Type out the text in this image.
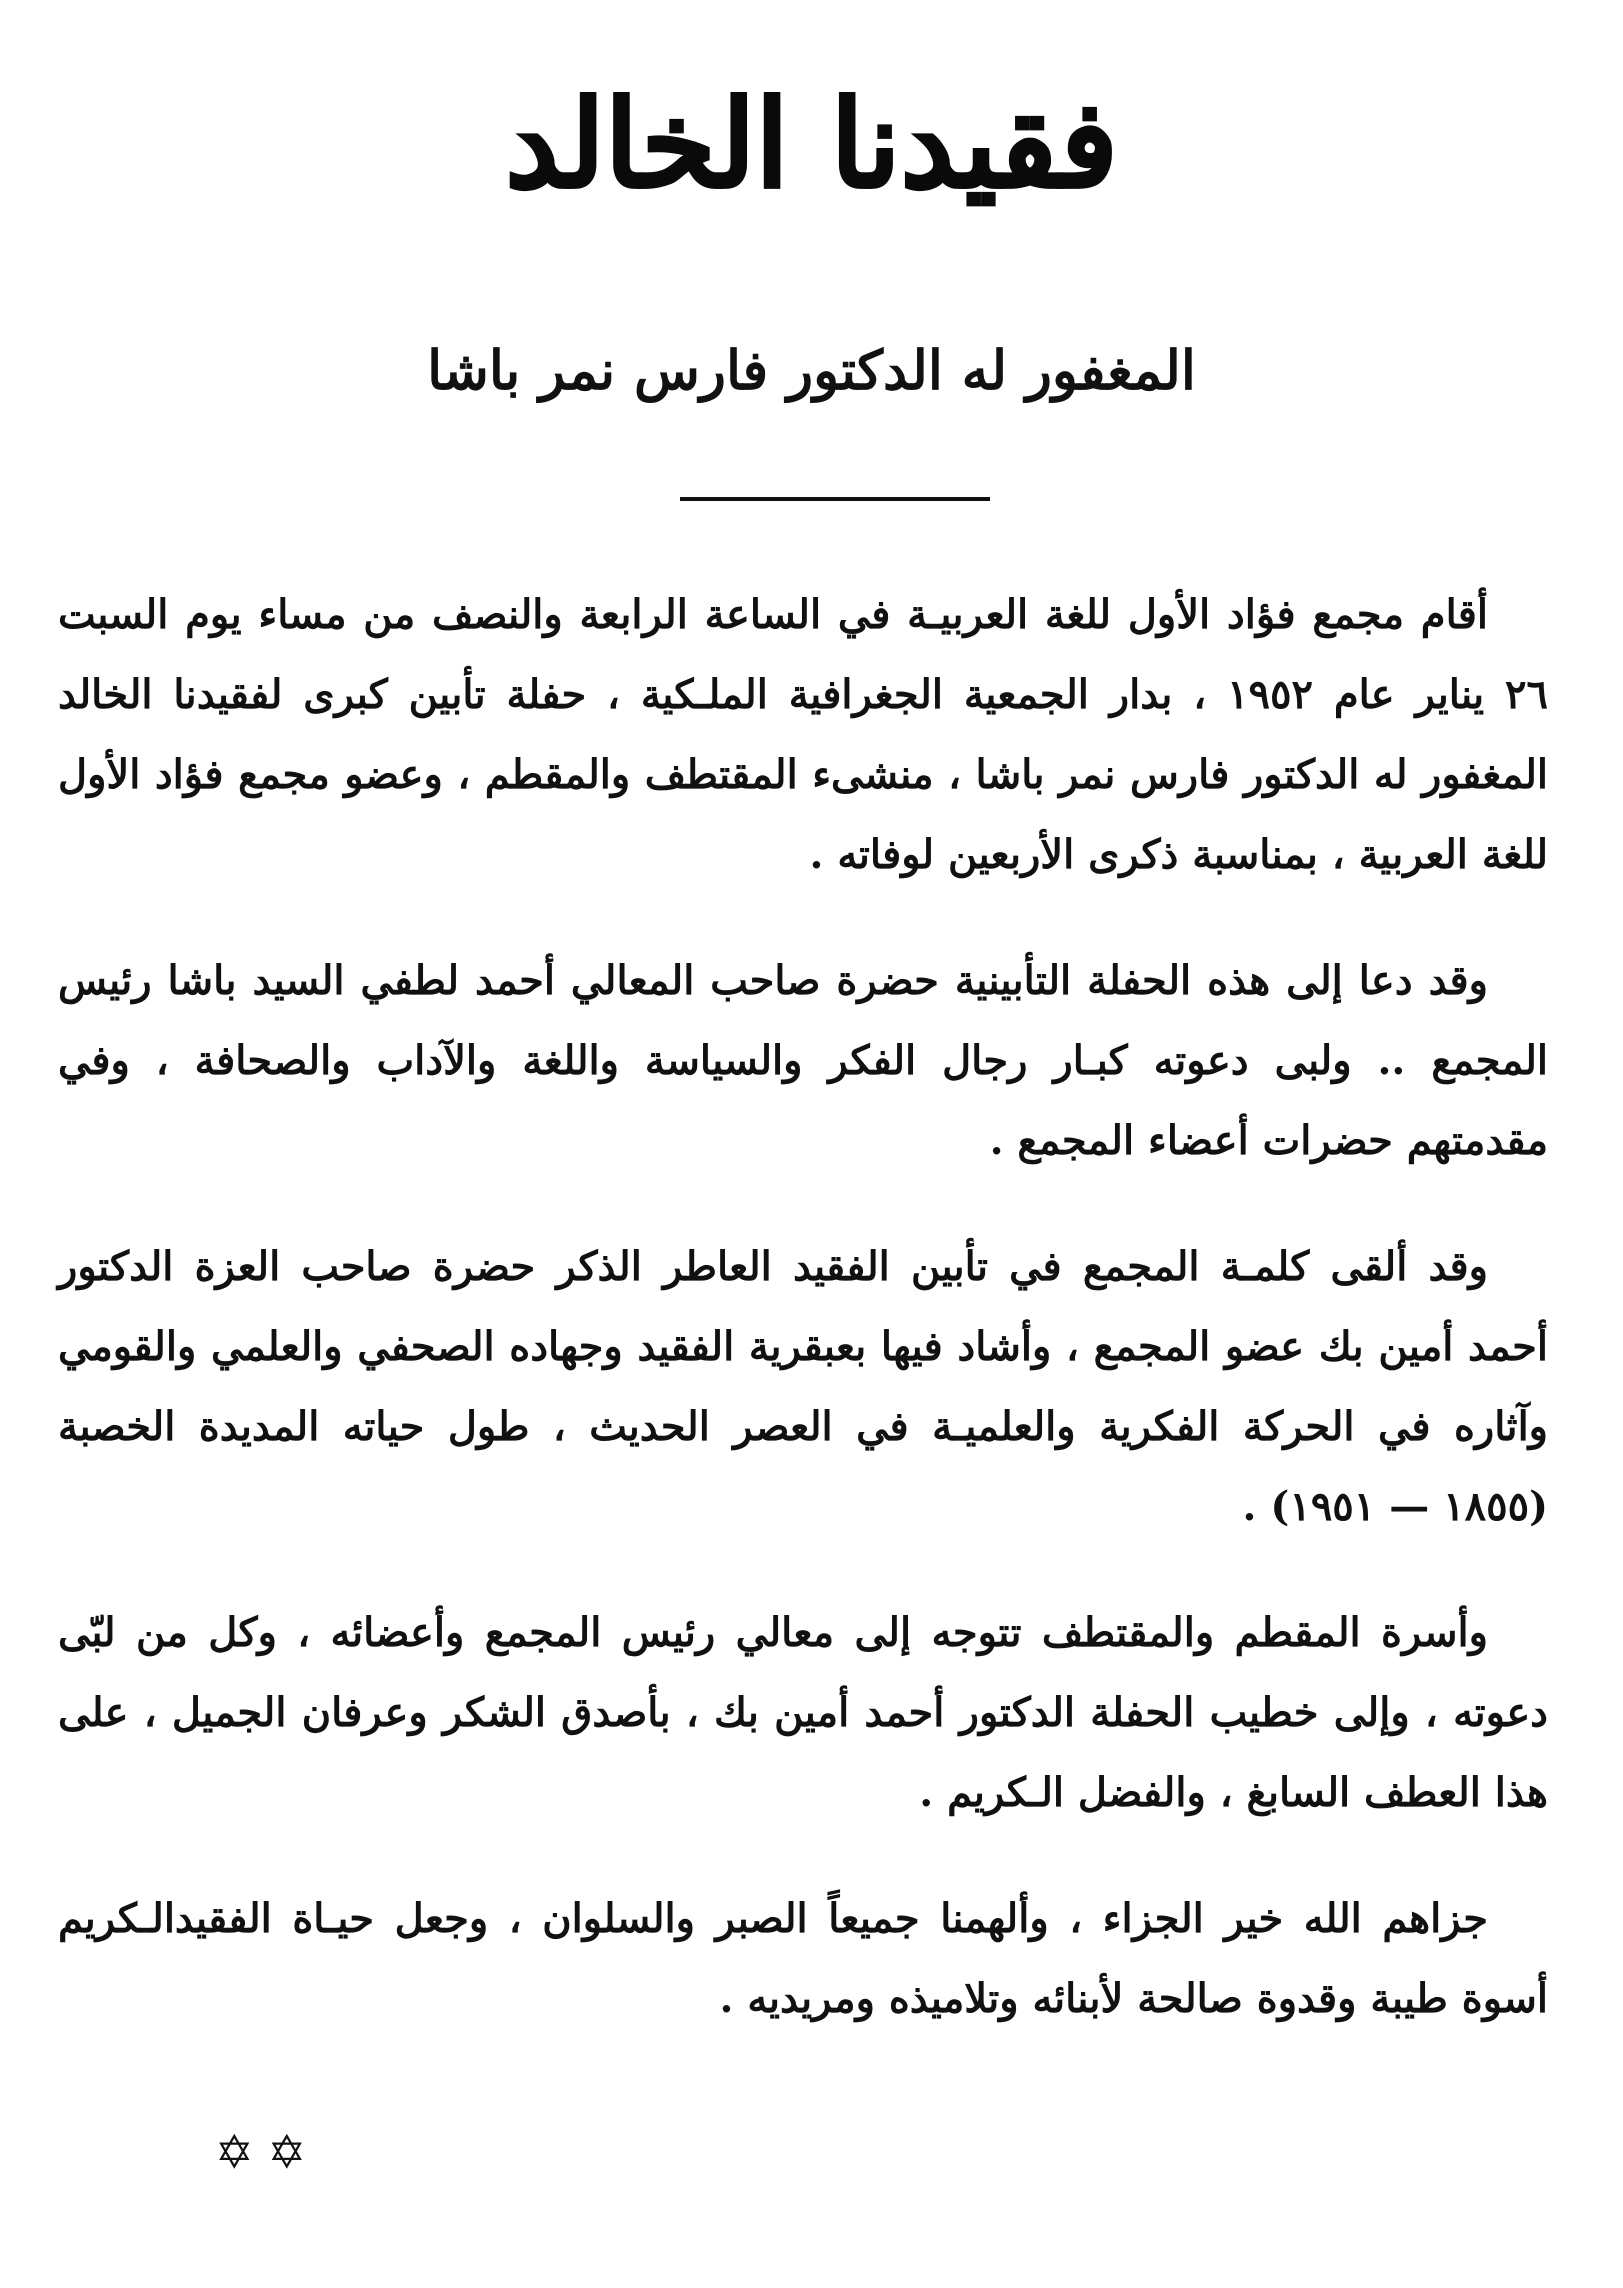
فقيدنا الخالد
المغفور له الدكتور فارس نمر باشا

أقام مجمع فؤاد الأول للغة العربيـة في الساعة الرابعة والنصف من مساء يوم السبت ٢٦ يناير عام ١٩٥٢ ، بدار الجمعية الجغرافية الملـكية ، حفلة تأبين كبرى لفقيدنا الخالد المغفور له الدكتور فارس نمر باشا ، منشىء المقتطف والمقطم ، وعضو مجمع فؤاد الأول للغة العربية ، بمناسبة ذكرى الأربعين لوفاته .

وقد دعا إلى هذه الحفلة التأبينية حضرة صاحب المعالي أحمد لطفي السيد باشا رئيس المجمع .. ولبى دعوته كبـار رجال الفكر والسياسة واللغة والآداب والصحافة ، وفي مقدمتهم حضرات أعضاء المجمع .

وقد ألقى كلمـة المجمع في تأبين الفقيد العاطر الذكر حضرة صاحب العزة الدكتور أحمد أمين بك عضو المجمع ، وأشاد فيها بعبقرية الفقيد وجهاده الصحفي والعلمي والقومي وآثاره في الحركة الفكرية والعلميـة في العصر الحديث ، طول حياته المديدة الخصبة (١٨٥٥ — ١٩٥١) .

وأسرة المقطم والمقتطف تتوجه إلى معالي رئيس المجمع وأعضائه ، وكل من لبّى دعوته ، وإلى خطيب الحفلة الدكتور أحمد أمين بك ، بأصدق الشكر وعرفان الجميل ، على هذا العطف السابغ ، والفضل الـكريم .

جزاهم الله خير الجزاء ، وألهمنا جميعاً الصبر والسلوان ، وجعل حيـاة الفقيدالـكريم أسوة طيبة وقدوة صالحة لأبنائه وتلاميذه ومريديه .

✡✡
